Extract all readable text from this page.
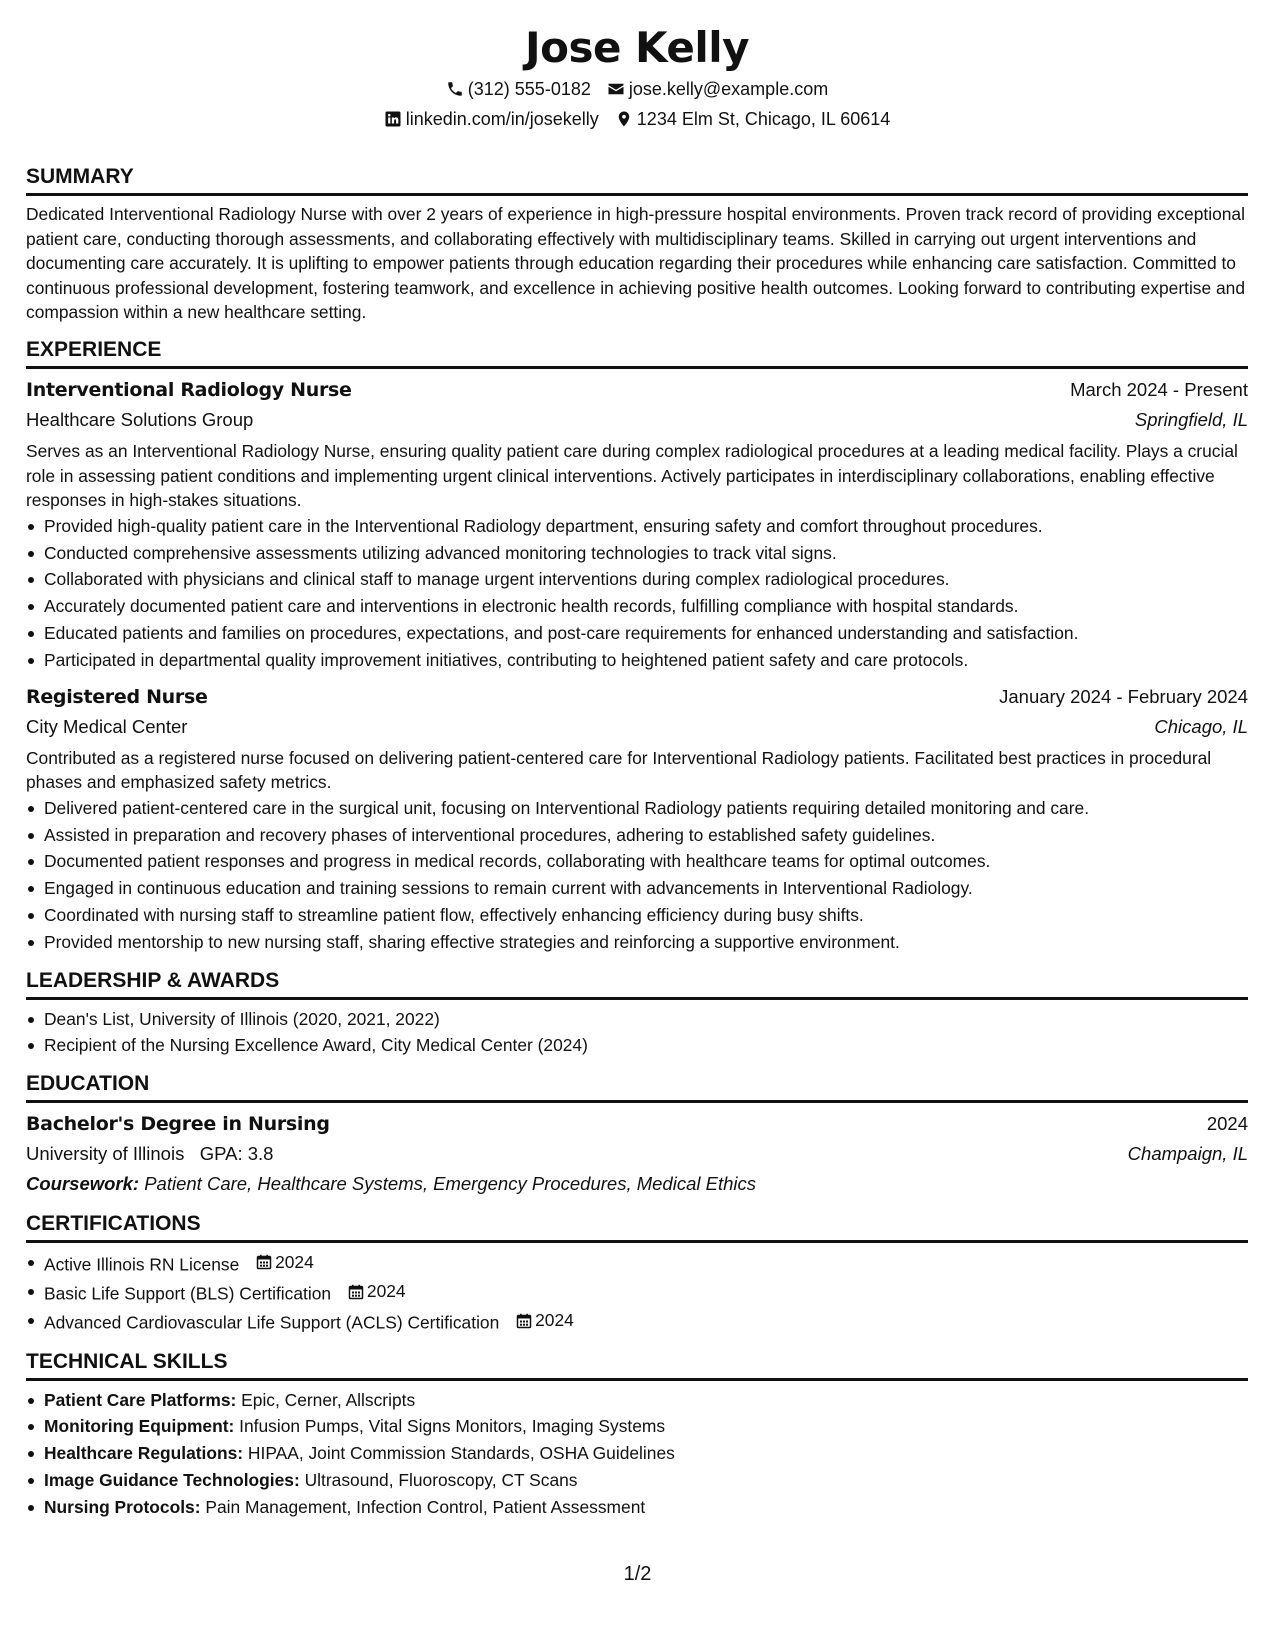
Jose Kelly
(312) 555-0182 jose.kelly@example.com
linkedin.com/in/josekelly 1234 Elm St, Chicago, IL 60614
SUMMARY

Dedicated Interventional Radiology Nurse with over 2 years of experience in high-pressure hospital environments. Proven track record of providing exceptional patient care, conducting thorough assessments, and collaborating effectively with multidisciplinary teams. Skilled in carrying out urgent interventions and documenting care accurately. It is uplifting to empower patients through education regarding their procedures while enhancing care satisfaction. Committed to continuous professional development, fostering teamwork, and excellence in achieving positive health outcomes. Looking forward to contributing expertise and compassion within a new healthcare setting.

EXPERIENCE
Interventional Radiology Nurse	March 2024 - Present
Healthcare Solutions Group	Springfield, IL

Serves as an Interventional Radiology Nurse, ensuring quality patient care during complex radiological procedures at a leading medical facility. Plays a crucial role in assessing patient conditions and implementing urgent clinical interventions. Actively participates in interdisciplinary collaborations, enabling effective responses in high-stakes situations.

Provided high-quality patient care in the Interventional Radiology department, ensuring safety and comfort throughout procedures.
Conducted comprehensive assessments utilizing advanced monitoring technologies to track vital signs.
Collaborated with physicians and clinical staff to manage urgent interventions during complex radiological procedures.
Accurately documented patient care and interventions in electronic health records, fulfilling compliance with hospital standards.
Educated patients and families on procedures, expectations, and post-care requirements for enhanced understanding and satisfaction.
Participated in departmental quality improvement initiatives, contributing to heightened patient safety and care protocols.
Registered Nurse	January 2024 - February 2024
City Medical Center	Chicago, IL

Contributed as a registered nurse focused on delivering patient-centered care for Interventional Radiology patients. Facilitated best practices in procedural phases and emphasized safety metrics.

Delivered patient-centered care in the surgical unit, focusing on Interventional Radiology patients requiring detailed monitoring and care.
Assisted in preparation and recovery phases of interventional procedures, adhering to established safety guidelines.
Documented patient responses and progress in medical records, collaborating with healthcare teams for optimal outcomes.
Engaged in continuous education and training sessions to remain current with advancements in Interventional Radiology.
Coordinated with nursing staff to streamline patient flow, effectively enhancing efficiency during busy shifts.
Provided mentorship to new nursing staff, sharing effective strategies and reinforcing a supportive environment.
LEADERSHIP & AWARDS
Dean's List, University of Illinois (2020, 2021, 2022)
Recipient of the Nursing Excellence Award, City Medical Center (2024)
EDUCATION
Bachelor's Degree in Nursing	2024
University of Illinois GPA: 3.8	Champaign, IL
Coursework: Patient Care, Healthcare Systems, Emergency Procedures, Medical Ethics
CERTIFICATIONS
Active Illinois RN License 2024
Basic Life Support (BLS) Certification 2024
Advanced Cardiovascular Life Support (ACLS) Certification 2024
TECHNICAL SKILLS
Patient Care Platforms: Epic, Cerner, Allscripts
Monitoring Equipment: Infusion Pumps, Vital Signs Monitors, Imaging Systems
Healthcare Regulations: HIPAA, Joint Commission Standards, OSHA Guidelines
Image Guidance Technologies: Ultrasound, Fluoroscopy, CT Scans
Nursing Protocols: Pain Management, Infection Control, Patient Assessment
1/2
